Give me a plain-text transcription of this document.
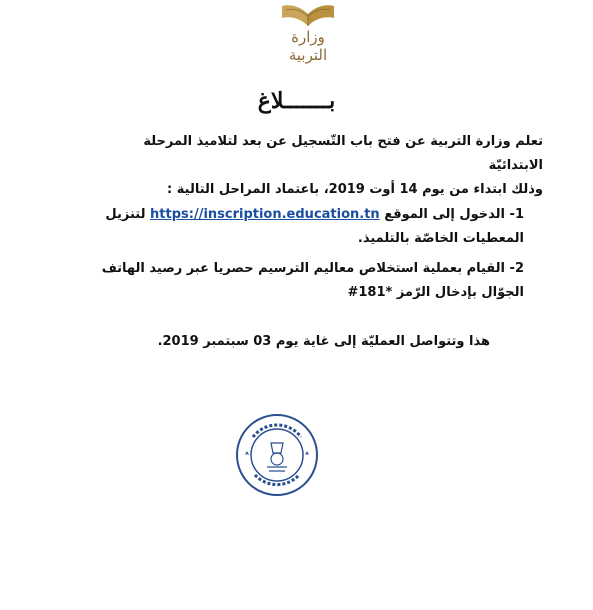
وزارة التربية
بـــــــلاغ
تعلم وزارة التربية عن فتح باب التّسجيل عن بعد لتلاميذ المرحلة الابتدائيّة
وذلك ابتداء من يوم 14 أوت 2019، باعتماد المراحل التالية :
1- الدخول إلى الموقع https://inscription.education.tn لتنزيل
المعطيات الخاصّة بالتلميذ.
2- القيام بعملية استخلاص معاليم الترسيم حصريا عبر رصيد الهاتف
الجوّال بإدخال الرّمز *181#
هذا وتتواصل العمليّة إلى غاية يوم 03 سبتمبر 2019.
